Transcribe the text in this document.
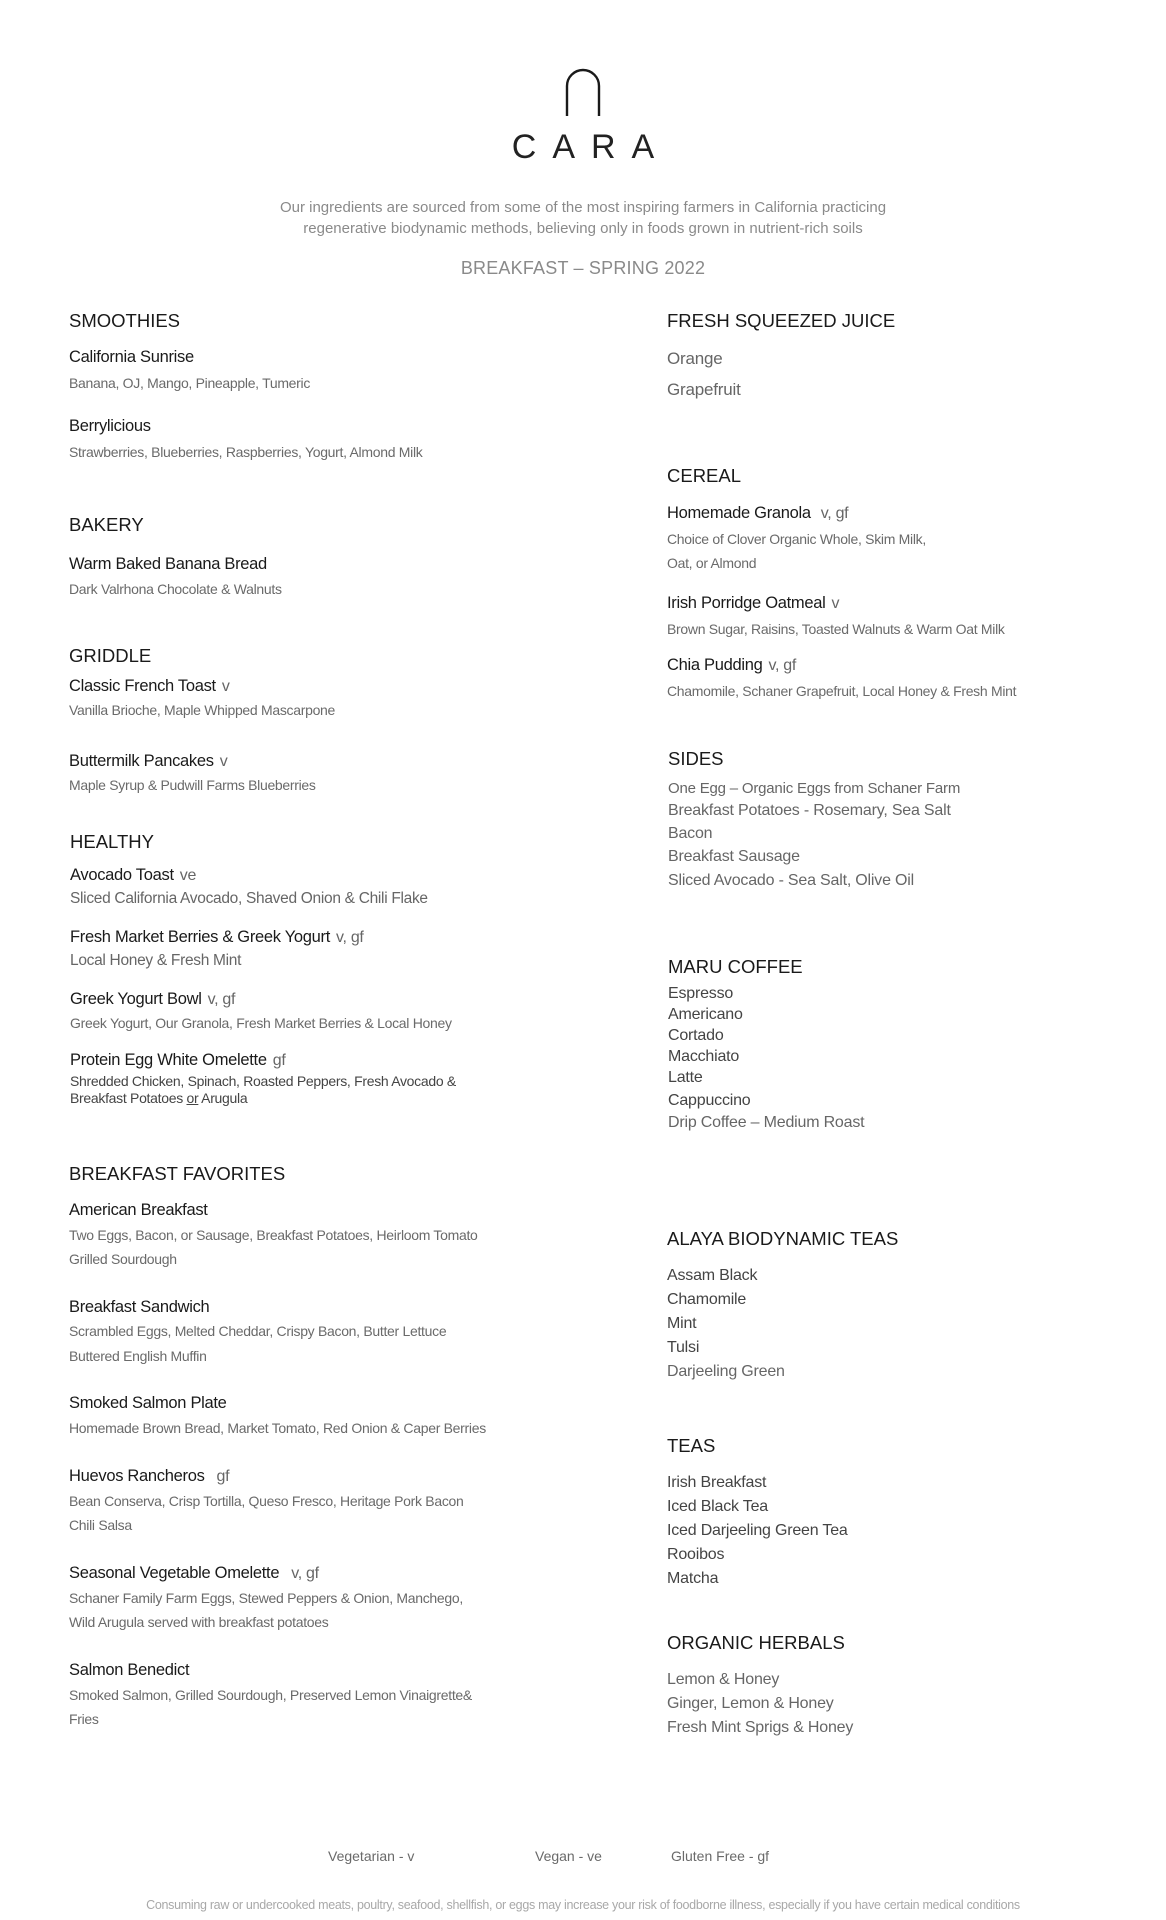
CARA
Our ingredients are sourced from some of the most inspiring farmers in California practicing
regenerative biodynamic methods, believing only in foods grown in nutrient-rich soils
BREAKFAST – SPRING 2022
SMOOTHIES
California Sunrise
Banana, OJ, Mango, Pineapple, Tumeric
Berrylicious
Strawberries, Blueberries, Raspberries, Yogurt, Almond Milk
BAKERY
Warm Baked Banana Bread
Dark Valrhona Chocolate & Walnuts
GRIDDLE
Classic French Toast v
Vanilla Brioche, Maple Whipped Mascarpone
Buttermilk Pancakes v
Maple Syrup & Pudwill Farms Blueberries
HEALTHY
Avocado Toast ve
Sliced California Avocado, Shaved Onion & Chili Flake
Fresh Market Berries & Greek Yogurt v, gf
Local Honey & Fresh Mint
Greek Yogurt Bowl v, gf
Greek Yogurt, Our Granola, Fresh Market Berries & Local Honey
Protein Egg White Omelette gf
Shredded Chicken, Spinach, Roasted Peppers, Fresh Avocado &
Breakfast Potatoes or Arugula
BREAKFAST FAVORITES
American Breakfast
Two Eggs, Bacon, or Sausage, Breakfast Potatoes, Heirloom Tomato
Grilled Sourdough
Breakfast Sandwich
Scrambled Eggs, Melted Cheddar, Crispy Bacon, Butter Lettuce
Buttered English Muffin
Smoked Salmon Plate
Homemade Brown Bread, Market Tomato, Red Onion & Caper Berries
Huevos Rancheros gf
Bean Conserva, Crisp Tortilla, Queso Fresco, Heritage Pork Bacon
Chili Salsa
Seasonal Vegetable Omelette v, gf
Schaner Family Farm Eggs, Stewed Peppers & Onion, Manchego,
Wild Arugula served with breakfast potatoes
Salmon Benedict
Smoked Salmon, Grilled Sourdough, Preserved Lemon Vinaigrette&
Fries
FRESH SQUEEZED JUICE
Orange
Grapefruit
CEREAL
Homemade Granola v, gf
Choice of Clover Organic Whole, Skim Milk,
Oat, or Almond
Irish Porridge Oatmeal v
Brown Sugar, Raisins, Toasted Walnuts & Warm Oat Milk
Chia Pudding v, gf
Chamomile, Schaner Grapefruit, Local Honey & Fresh Mint
SIDES
One Egg – Organic Eggs from Schaner Farm
Breakfast Potatoes - Rosemary, Sea Salt
Bacon
Breakfast Sausage
Sliced Avocado - Sea Salt, Olive Oil
MARU COFFEE
Espresso
Americano
Cortado
Macchiato
Latte
Cappuccino
Drip Coffee – Medium Roast
ALAYA BIODYNAMIC TEAS
Assam Black
Chamomile
Mint
Tulsi
Darjeeling Green
TEAS
Irish Breakfast
Iced Black Tea
Iced Darjeeling Green Tea
Rooibos
Matcha
ORGANIC HERBALS
Lemon & Honey
Ginger, Lemon & Honey
Fresh Mint Sprigs & Honey
Vegetarian - v	Vegan - ve	Gluten Free - gf
Consuming raw or undercooked meats, poultry, seafood, shellfish, or eggs may increase your risk of foodborne illness, especially if you have certain medical conditions
